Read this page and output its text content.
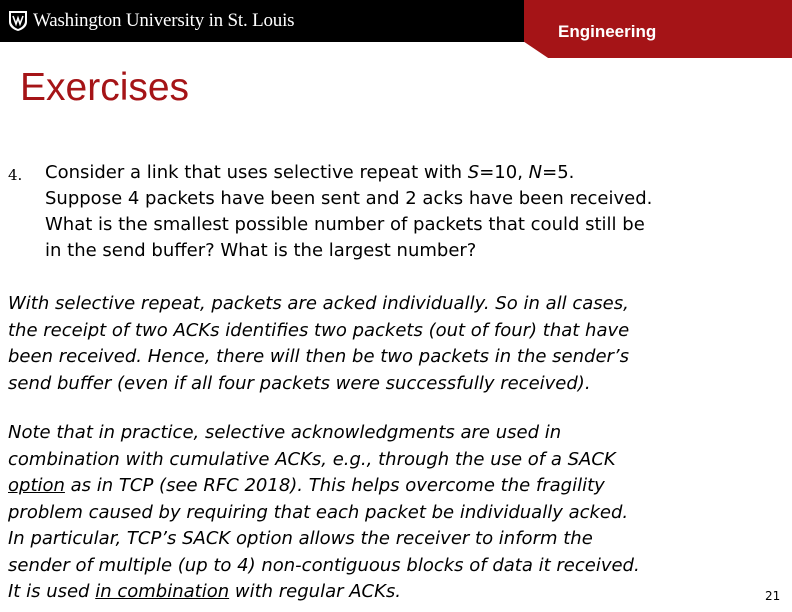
Washington University in St. Louis
Engineering
Exercises
4. Consider a link that uses selective repeat with S=10, N=5.
Suppose 4 packets have been sent and 2 acks have been received.
What is the smallest possible number of packets that could still be
in the send buffer? What is the largest number?
With selective repeat, packets are acked individually. So in all cases,
the receipt of two ACKs identifies two packets (out of four) that have
been received. Hence, there will then be two packets in the sender’s
send buffer (even if all four packets were successfully received).
Note that in practice, selective acknowledgments are used in
combination with cumulative ACKs, e.g., through the use of a SACK
option as in TCP (see RFC 2018). This helps overcome the fragility
problem caused by requiring that each packet be individually acked.
In particular, TCP’s SACK option allows the receiver to inform the
sender of multiple (up to 4) non-contiguous blocks of data it received.
It is used in combination with regular ACKs.	21
